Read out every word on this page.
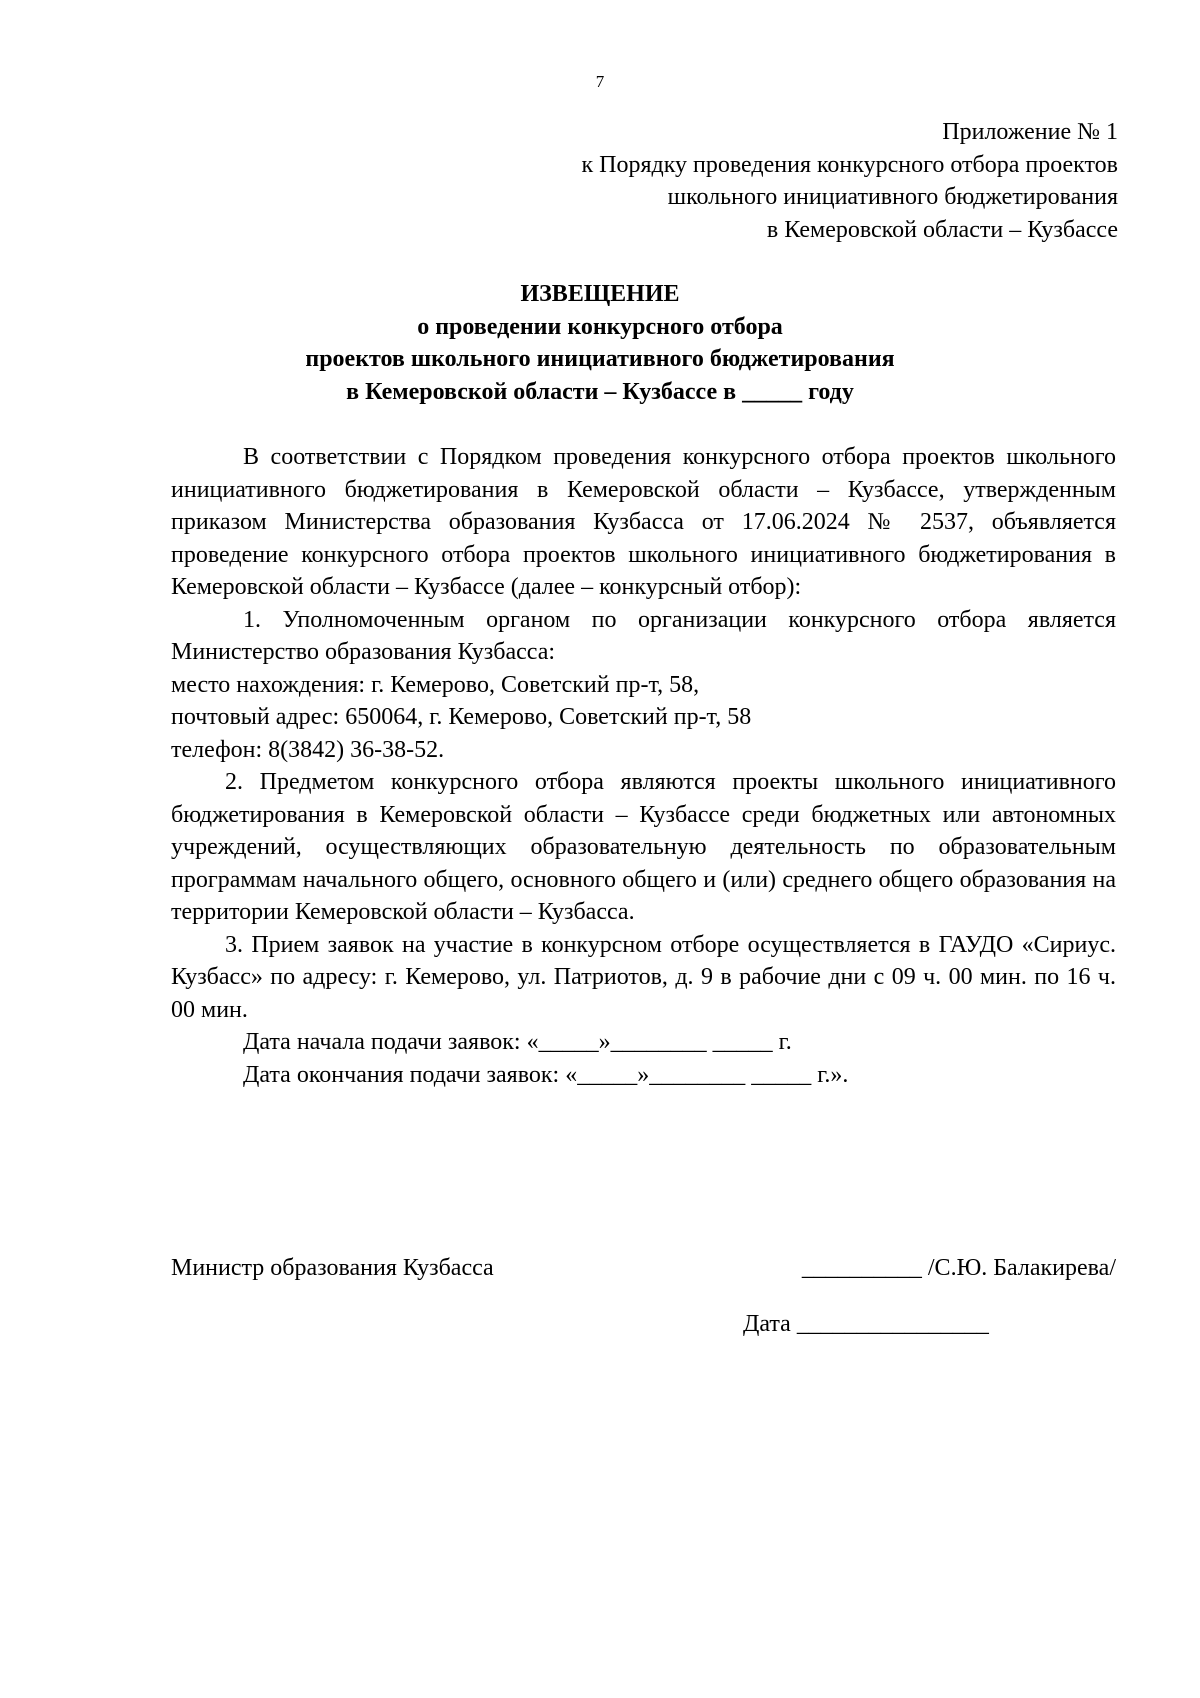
7
Приложение № 1
к Порядку проведения конкурсного отбора проектов
школьного инициативного бюджетирования
в Кемеровской области – Кузбассе
ИЗВЕЩЕНИЕ
о проведении конкурсного отбора
проектов школьного инициативного бюджетирования
в Кемеровской области – Кузбассе в _____ году

В соответствии с Порядком проведения конкурсного отбора проектов школьного инициативного бюджетирования в Кемеровской области – Кузбассе, утвержденным приказом Министерства образования Кузбасса от 17.06.2024 № 2537, объявляется проведение конкурсного отбора проектов школьного инициативного бюджетирования в Кемеровской области – Кузбассе (далее – конкурсный отбор):

1. Уполномоченным органом по организации конкурсного отбора является Министерство образования Кузбасса:

место нахождения: г. Кемерово, Советский пр-т, 58,
почтовый адрес: 650064, г. Кемерово, Советский пр-т, 58
телефон: 8(3842) 36-38-52.

2. Предметом конкурсного отбора являются проекты школьного инициативного бюджетирования в Кемеровской области – Кузбассе среди бюджетных или автономных учреждений, осуществляющих образовательную деятельность по образовательным программам начального общего, основного общего и (или) среднего общего образования на территории Кемеровской области – Кузбасса.

3. Прием заявок на участие в конкурсном отборе осуществляется в ГАУДО «Сириус. Кузбасс» по адресу: г. Кемерово, ул. Патриотов, д. 9 в рабочие дни с 09 ч. 00 мин. по 16 ч. 00 мин.

Дата начала подачи заявок: «_____»________ _____ г.
Дата окончания подачи заявок: «_____»________ _____ г.».
Министр образования Кузбасса	__________ /С.Ю. Балакирева/
Дата ________________
